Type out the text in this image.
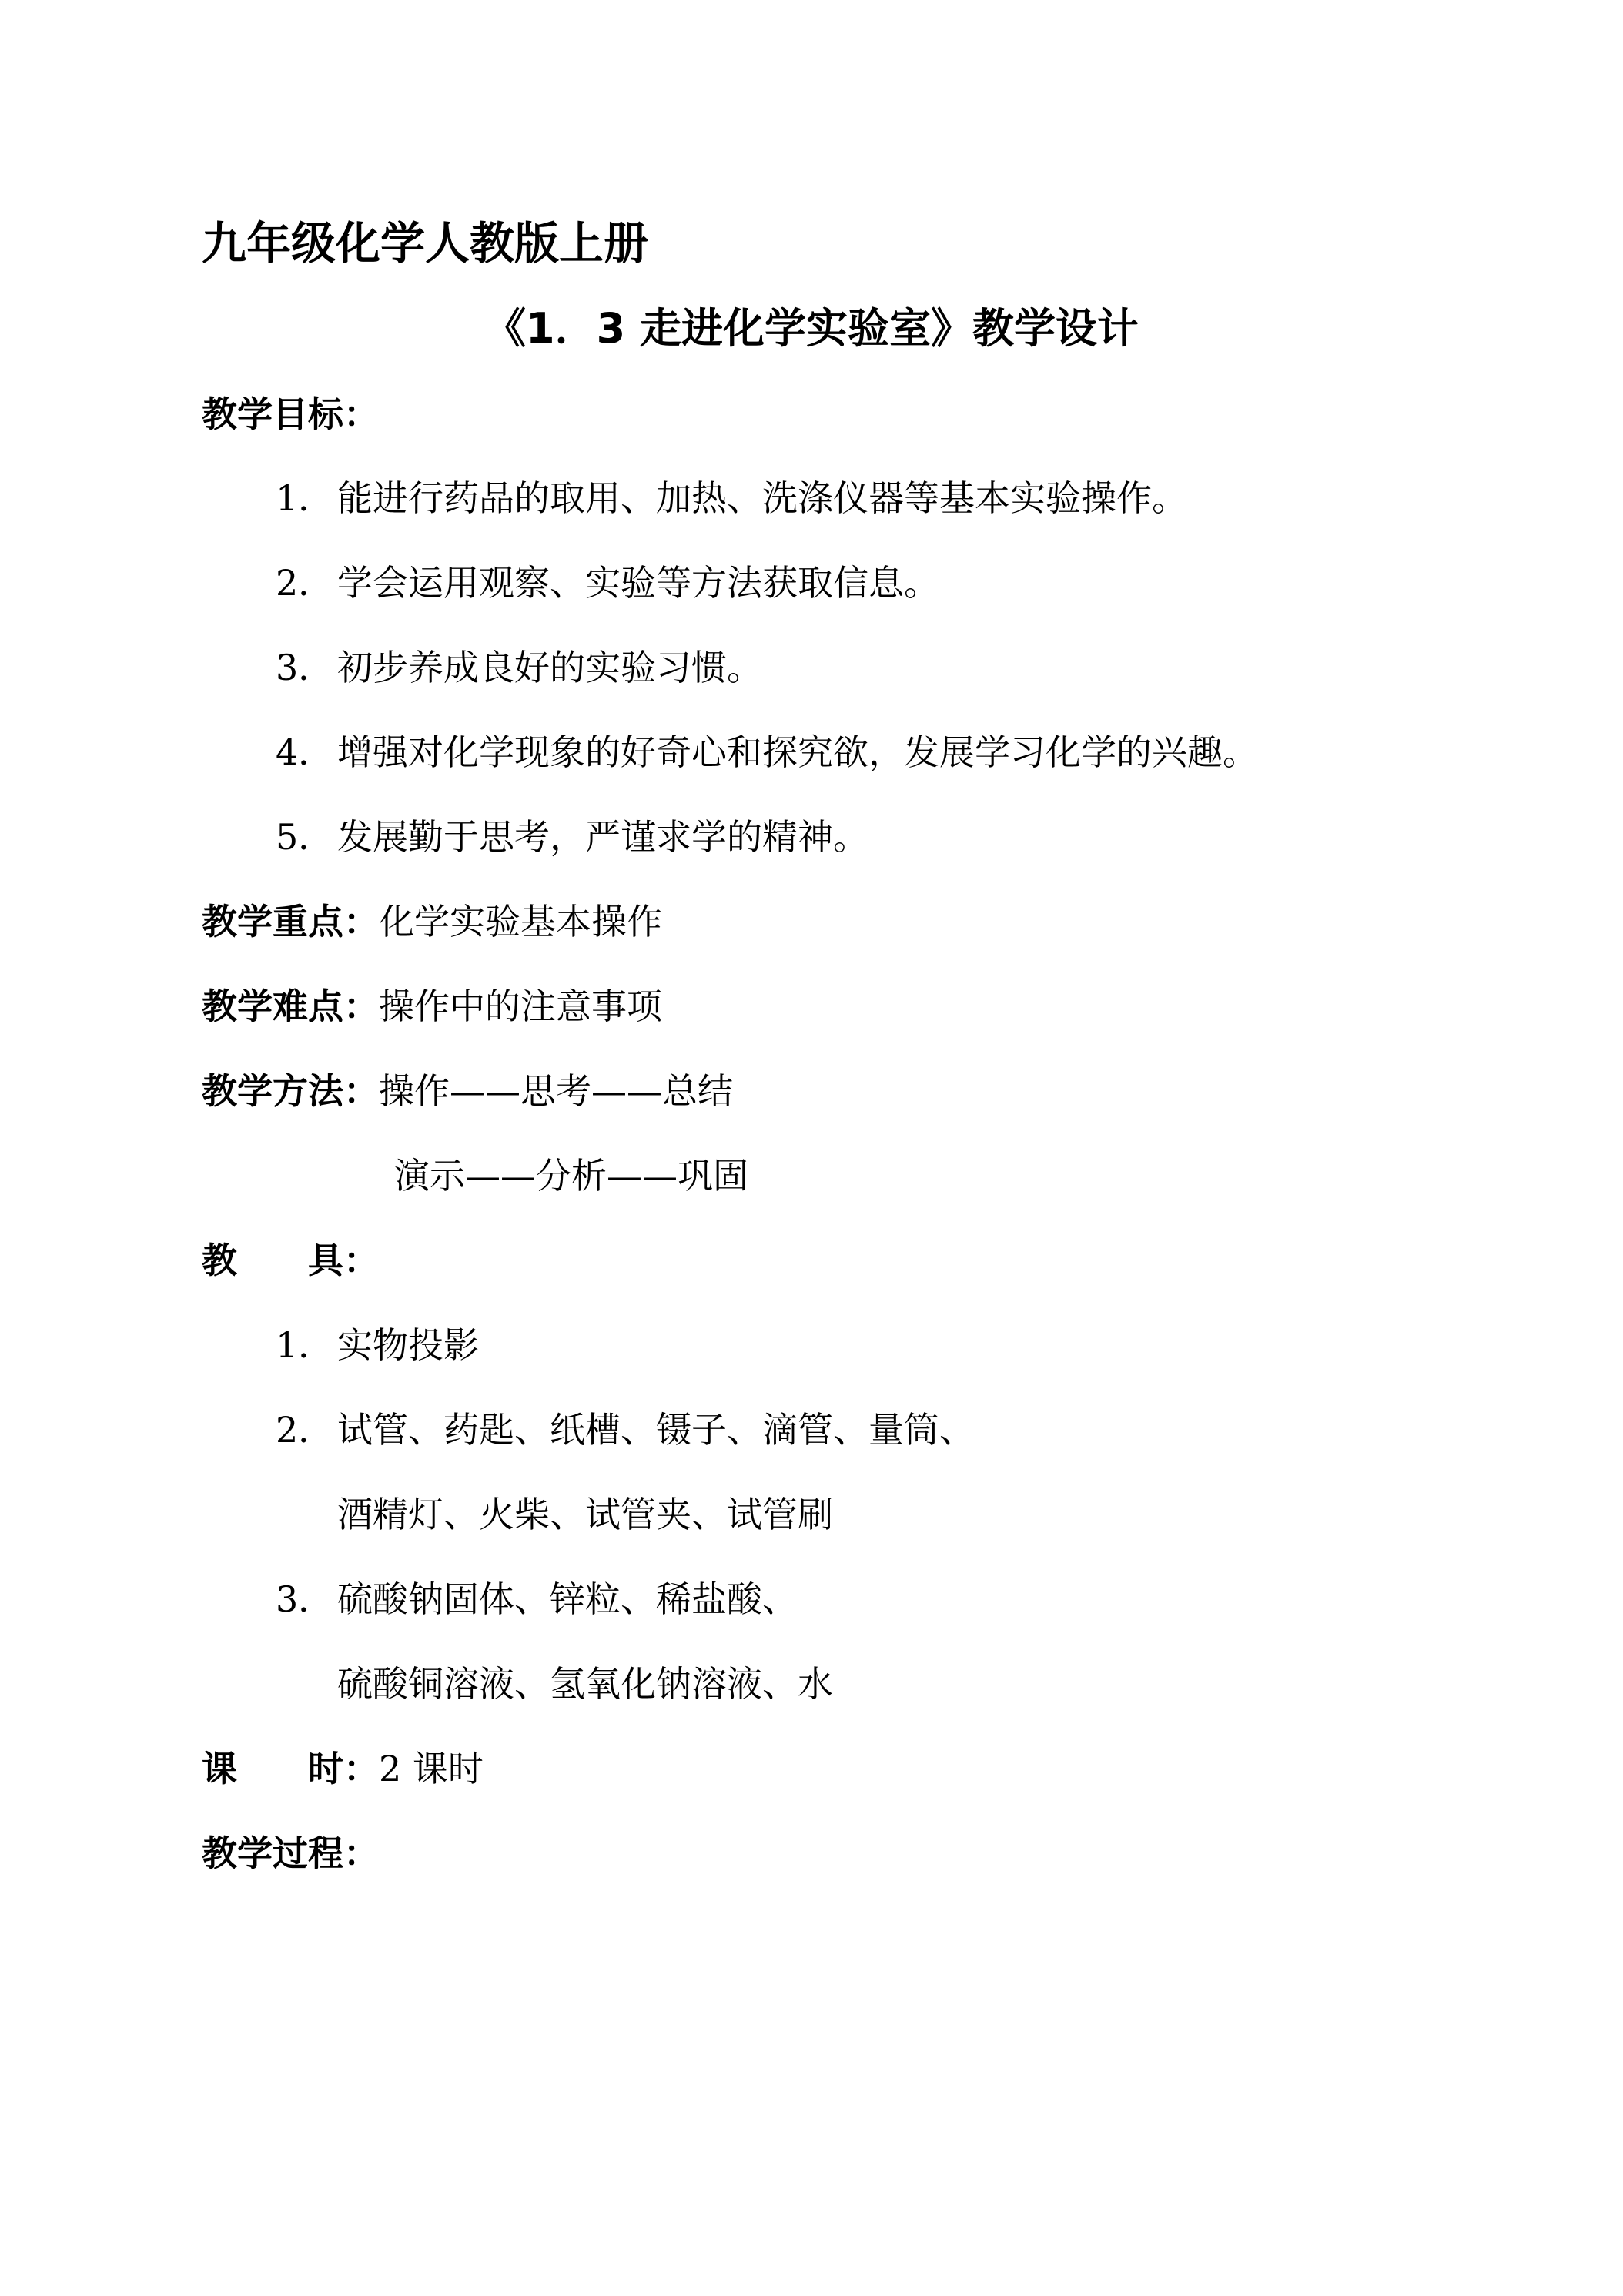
九年级化学人教版上册
《1．3 走进化学实验室》教学设计
教学目标：
1． 能进行药品的取用、加热、洗涤仪器等基本实验操作。
2． 学会运用观察、实验等方法获取信息。
3． 初步养成良好的实验习惯。
4． 增强对化学现象的好奇心和探究欲，发展学习化学的兴趣。
5． 发展勤于思考，严谨求学的精神。
教学重点：化学实验基本操作
教学难点：操作中的注意事项
教学方法：操作——思考——总结
演示——分析——巩固
教　　具：
1． 实物投影
2． 试管、药匙、纸槽、镊子、滴管、量筒、
酒精灯、火柴、试管夹、试管刷
3． 硫酸钠固体、锌粒、稀盐酸、
硫酸铜溶液、氢氧化钠溶液、水
课　　时：2 课时
教学过程：
